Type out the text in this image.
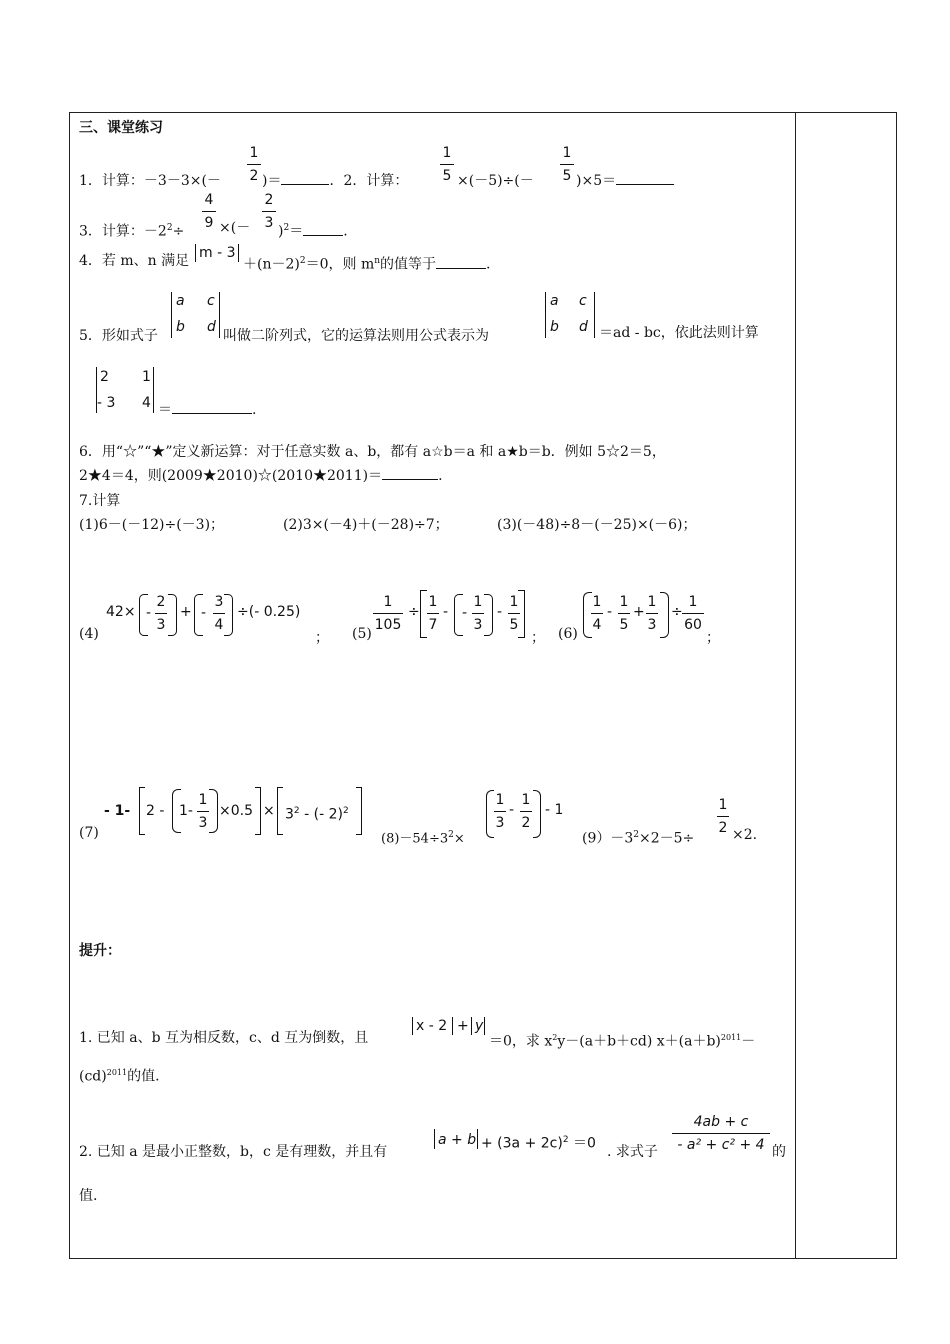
三、课堂练习
1．计算：－3－3×(－
1
2 )＝	．2．计算：
1
5 ×(－5)÷(－
1
5 )×5＝
3．计算：$-2^2\div$
4
9 ×(－
2
3
)$^2$＝	.
4．若 m、n 满足 m - 3
$+(n-2)^2=0$，则 $m^n$的值等于	.
5．形如式子
a c
b d
叫做二阶列式，它的运算法则用公式表示为
a c
b d ＝ad - bc，依此法则计算
2 1
- 3 4 ＝	.
6．用“☆”“★”定义新运算：对于任意实数 a、b，都有 a☆b＝a 和 a★b＝b．例如 5☆2＝5，
2★4＝4，则(2009★2010)☆(2010★2011)＝	.
7.计算
(1)6－(－12)÷(－3)；	(2)3×(－4)＋(－28)÷7；	(3)(－48)÷8－(－25)×(－6)；
(4)
42× -
2
3
+ -
3
4
÷(- 0.25)
； (5)
1
105
÷
1
7
- -
1
3
-
1
5
； (6)
1
4
-
1
5
+
1
3
÷
1
60
；
(7)
- 1- 2 - 1-
1
3
$\times 0.5 \times 3^2$ - (- 2)$^2$
$(8)-54\div 3^2\times$
1
3
-
1
2
- 1
$(9)-3^2\times 2-5\div$
1
2 ×2.
提升：
1. 已知 a、b 互为相反数，c、d 互为倒数，且
x - 2 + y
＝0，求 $x^2y-(a+b+cd)$ $x+(a+b)^{2011}-$
(cd)$^{2011}$的值.
2. 已知 a 是最小正整数，b，c 是有理数，并且有
$a + b + (3a + 2c)^2 =0$
. 求式子
4ab + c
- a² + c² + 4 的
值.
